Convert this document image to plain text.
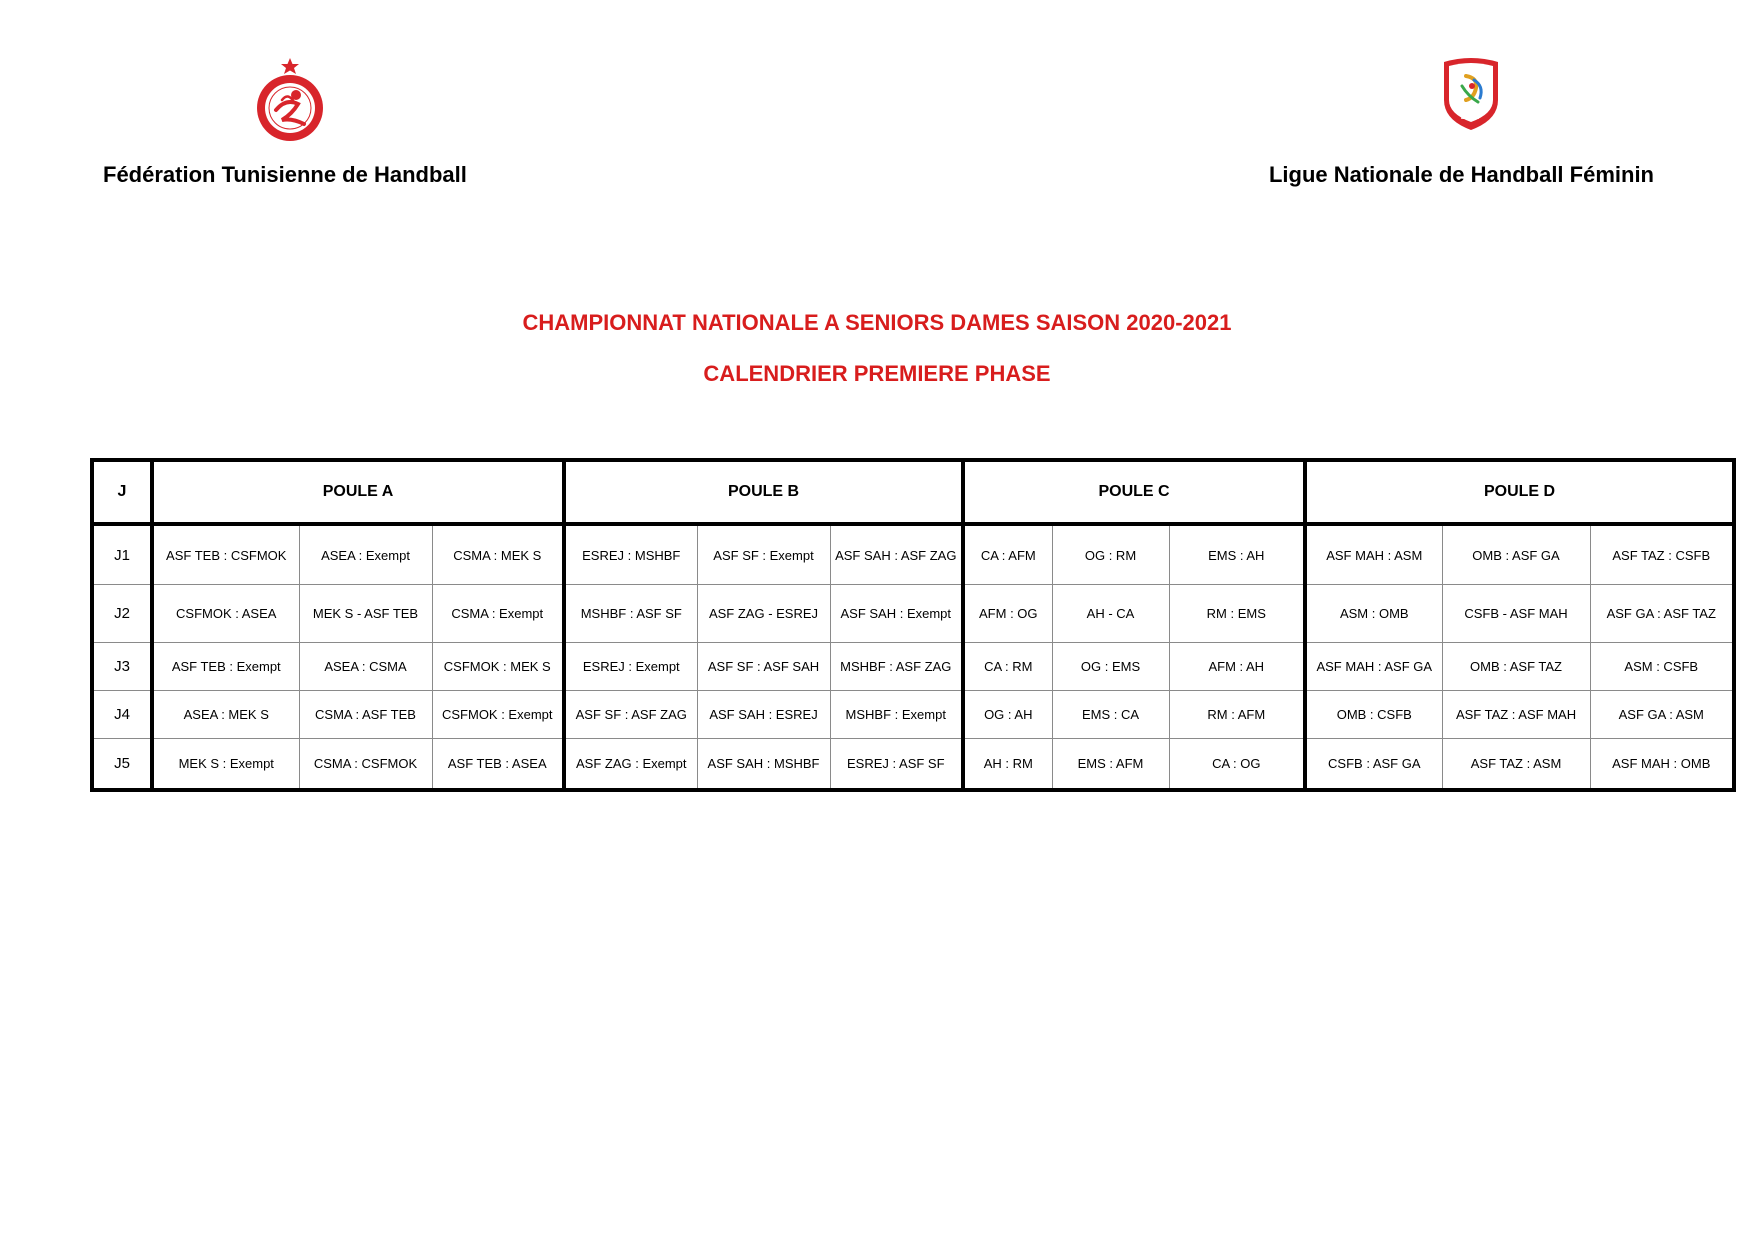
LNHBF
Fédération Tunisienne de Handball	Ligue Nationale de Handball Féminin
CHAMPIONNAT NATIONALE A SENIORS DAMES SAISON 2020-2021
CALENDRIER PREMIERE PHASE
J	POULE A			POULE B			POULE C			POULE D		
J1	ASF TEB : CSFMOK	ASEA : Exempt	CSMA : MEK S	ESREJ : MSHBF	ASF SF : Exempt	ASF SAH : ASF ZAG	CA : AFM	OG : RM	EMS : AH	ASF MAH : ASM	OMB : ASF GA	ASF TAZ : CSFB
J2	CSFMOK : ASEA	MEK S - ASF TEB	CSMA : Exempt	MSHBF : ASF SF	ASF ZAG - ESREJ	ASF SAH : Exempt	AFM : OG	AH - CA	RM : EMS	ASM : OMB	CSFB - ASF MAH	ASF GA : ASF TAZ
J3	ASF TEB : Exempt	ASEA : CSMA	CSFMOK : MEK S	ESREJ : Exempt	ASF SF : ASF SAH	MSHBF : ASF ZAG	CA : RM	OG : EMS	AFM : AH	ASF MAH : ASF GA	OMB : ASF TAZ	ASM : CSFB
J4	ASEA : MEK S	CSMA : ASF TEB	CSFMOK : Exempt	ASF SF : ASF ZAG	ASF SAH : ESREJ	MSHBF : Exempt	OG : AH	EMS : CA	RM : AFM	OMB : CSFB	ASF TAZ : ASF MAH	ASF GA : ASM
J5	MEK S : Exempt	CSMA : CSFMOK	ASF TEB : ASEA	ASF ZAG : Exempt	ASF SAH : MSHBF	ESREJ : ASF SF	AH : RM	EMS : AFM	CA : OG	CSFB : ASF GA	ASF TAZ : ASM	ASF MAH : OMB
